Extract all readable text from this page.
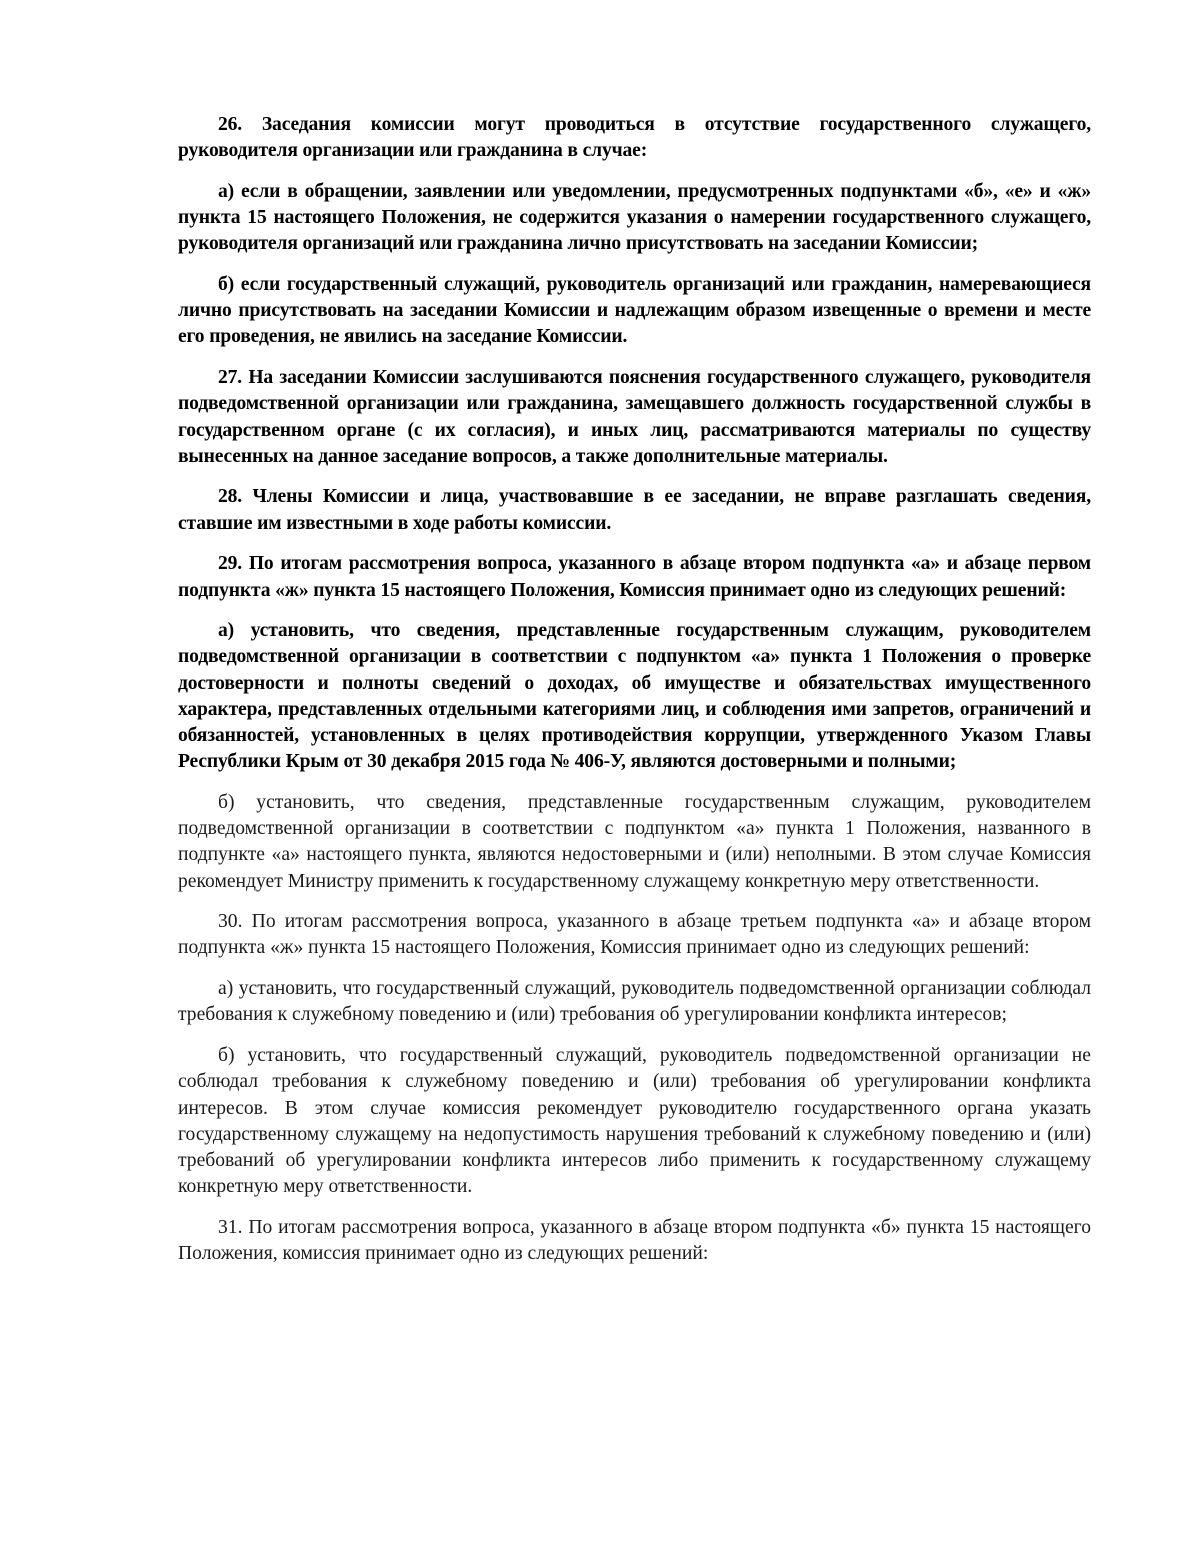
26. Заседания комиссии могут проводиться в отсутствие государственного служащего, руководителя организации или гражданина в случае:

а) если в обращении, заявлении или уведомлении, предусмотренных подпунктами «б», «е» и «ж» пункта 15 настоящего Положения, не содержится указания о намерении государственного служащего, руководителя организаций или гражданина лично присутствовать на заседании Комиссии;

б) если государственный служащий, руководитель организаций или гражданин, намеревающиеся лично присутствовать на заседании Комиссии и надлежащим образом извещенные о времени и месте его проведения, не явились на заседание Комиссии.

27. На заседании Комиссии заслушиваются пояснения государственного служащего, руководителя подведомственной организации или гражданина, замещавшего должность государственной службы в государственном органе (с их согласия), и иных лиц, рассматриваются материалы по существу вынесенных на данное заседание вопросов, а также дополнительные материалы.

28. Члены Комиссии и лица, участвовавшие в ее заседании, не вправе разглашать сведения, ставшие им известными в ходе работы комиссии.

29. По итогам рассмотрения вопроса, указанного в абзаце втором подпункта «а» и абзаце первом подпункта «ж» пункта 15 настоящего Положения, Комиссия принимает одно из следующих решений:

а) установить, что сведения, представленные государственным служащим, руководителем подведомственной организации в соответствии с подпунктом «а» пункта 1 Положения о проверке достоверности и полноты сведений о доходах, об имуществе и обязательствах имущественного характера, представленных отдельными категориями лиц, и соблюдения ими запретов, ограничений и обязанностей, установленных в целях противодействия коррупции, утвержденного Указом Главы Республики Крым от 30 декабря 2015 года № 406-У, являются достоверными и полными;

б) установить, что сведения, представленные государственным служащим, руководителем подведомственной организации в соответствии с подпунктом «а» пункта 1 Положения, названного в подпункте «а» настоящего пункта, являются недостоверными и (или) неполными. В этом случае Комиссия рекомендует Министру применить к государственному служащему конкретную меру ответственности.

30. По итогам рассмотрения вопроса, указанного в абзаце третьем подпункта «а» и абзаце втором подпункта «ж» пункта 15 настоящего Положения, Комиссия принимает одно из следующих решений:

а) установить, что государственный служащий, руководитель подведомственной организации соблюдал требования к служебному поведению и (или) требования об урегулировании конфликта интересов;

б) установить, что государственный служащий, руководитель подведомственной организации не соблюдал требования к служебному поведению и (или) требования об урегулировании конфликта интересов. В этом случае комиссия рекомендует руководителю государственного органа указать государственному служащему на недопустимость нарушения требований к служебному поведению и (или) требований об урегулировании конфликта интересов либо применить к государственному служащему конкретную меру ответственности.

31. По итогам рассмотрения вопроса, указанного в абзаце втором подпункта «б» пункта 15 настоящего Положения, комиссия принимает одно из следующих решений:
